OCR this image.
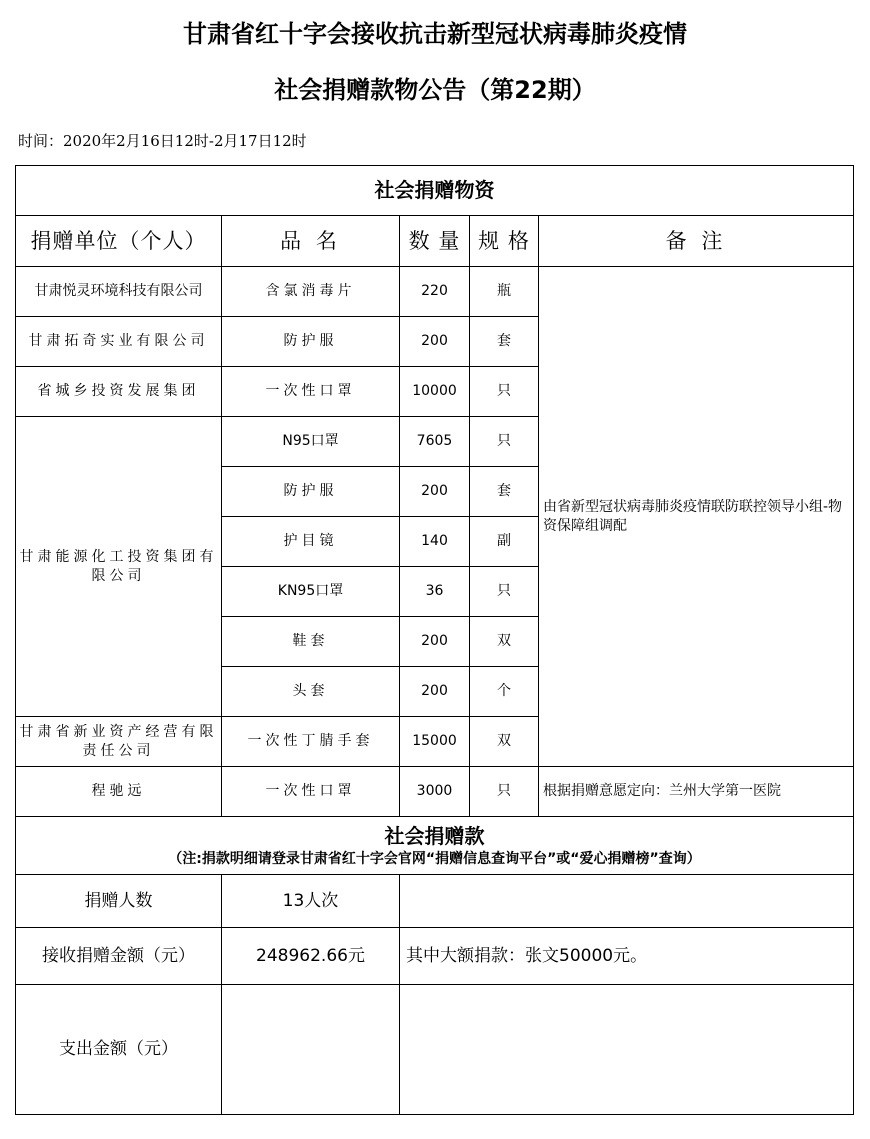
甘肃省红十字会接收抗击新型冠状病毒肺炎疫情
社会捐赠款物公告（第22期）
时间：2020年2月16日12时-2月17日12时
社会捐赠物资				
捐赠单位（个人）	品 名	数 量	规 格	备 注
甘肃悦灵环境科技有限公司	含氯消毒片	220	瓶	由省新型冠状病毒肺炎疫情联防联控领导小组-物资保障组调配
甘肃拓奇实业有限公司	防护服	200	套	
省城乡投资发展集团	一次性口罩	10000	只	
甘肃能源化工投资集团有限公司	N95口罩	7605	只	
	防护服	200	套	
	护目镜	140	副	
	KN95口罩	36	只	
	鞋套	200	双	
	头套	200	个	
甘肃省新业资产经营有限责任公司	一次性丁腈手套	15000	双	
程驰远	一次性口罩	3000	只	根据捐赠意愿定向：兰州大学第一医院

社会捐赠款
（注:捐款明细请登录甘肃省红十字会官网“捐赠信息查询平台”或“爱心捐赠榜”查询）				

捐赠人数	13人次			
接收捐赠金额（元）	248962.66元	其中大额捐款：张文50000元。		
支出金额（元）				
